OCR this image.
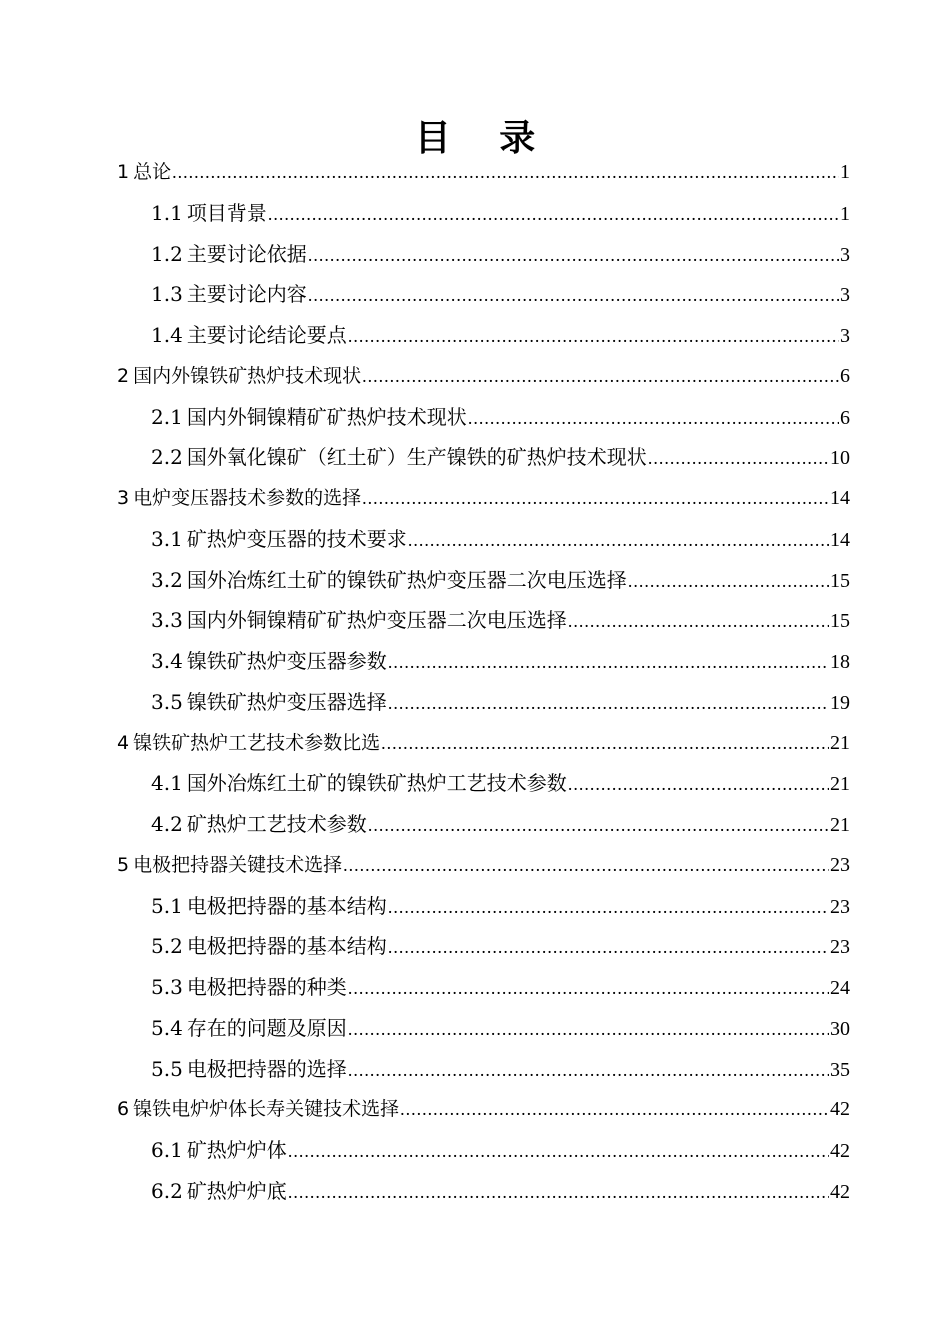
目 录
1 总论 .....	1
1.1 项目背景 .....	1
1.2 主要讨论依据 .....	3
1.3 主要讨论内容 .....	3
1.4 主要讨论结论要点 .....	3
2 国内外镍铁矿热炉技术现状 .....	6
2.1 国内外铜镍精矿矿热炉技术现状 .....	6
2.2 国外氧化镍矿（红土矿）生产镍铁的矿热炉技术现状 .....	10
3 电炉变压器技术参数的选择 .....	14
3.1 矿热炉变压器的技术要求 .....	14
3.2 国外冶炼红土矿的镍铁矿热炉变压器二次电压选择 .....	15
3.3 国内外铜镍精矿矿热炉变压器二次电压选择 .....	15
3.4 镍铁矿热炉变压器参数 .....	18
3.5 镍铁矿热炉变压器选择 .....	19
4 镍铁矿热炉工艺技术参数比选 .....	21
4.1 国外冶炼红土矿的镍铁矿热炉工艺技术参数 .....	21
4.2 矿热炉工艺技术参数 .....	21
5 电极把持器关键技术选择 .....	23
5.1 电极把持器的基本结构 .....	23
5.2 电极把持器的基本结构 .....	23
5.3 电极把持器的种类 .....	24
5.4 存在的问题及原因 .....	30
5.5 电极把持器的选择 .....	35
6 镍铁电炉炉体长寿关键技术选择 .....	42
6.1 矿热炉炉体 .....	42
6.2 矿热炉炉底 .....	42
